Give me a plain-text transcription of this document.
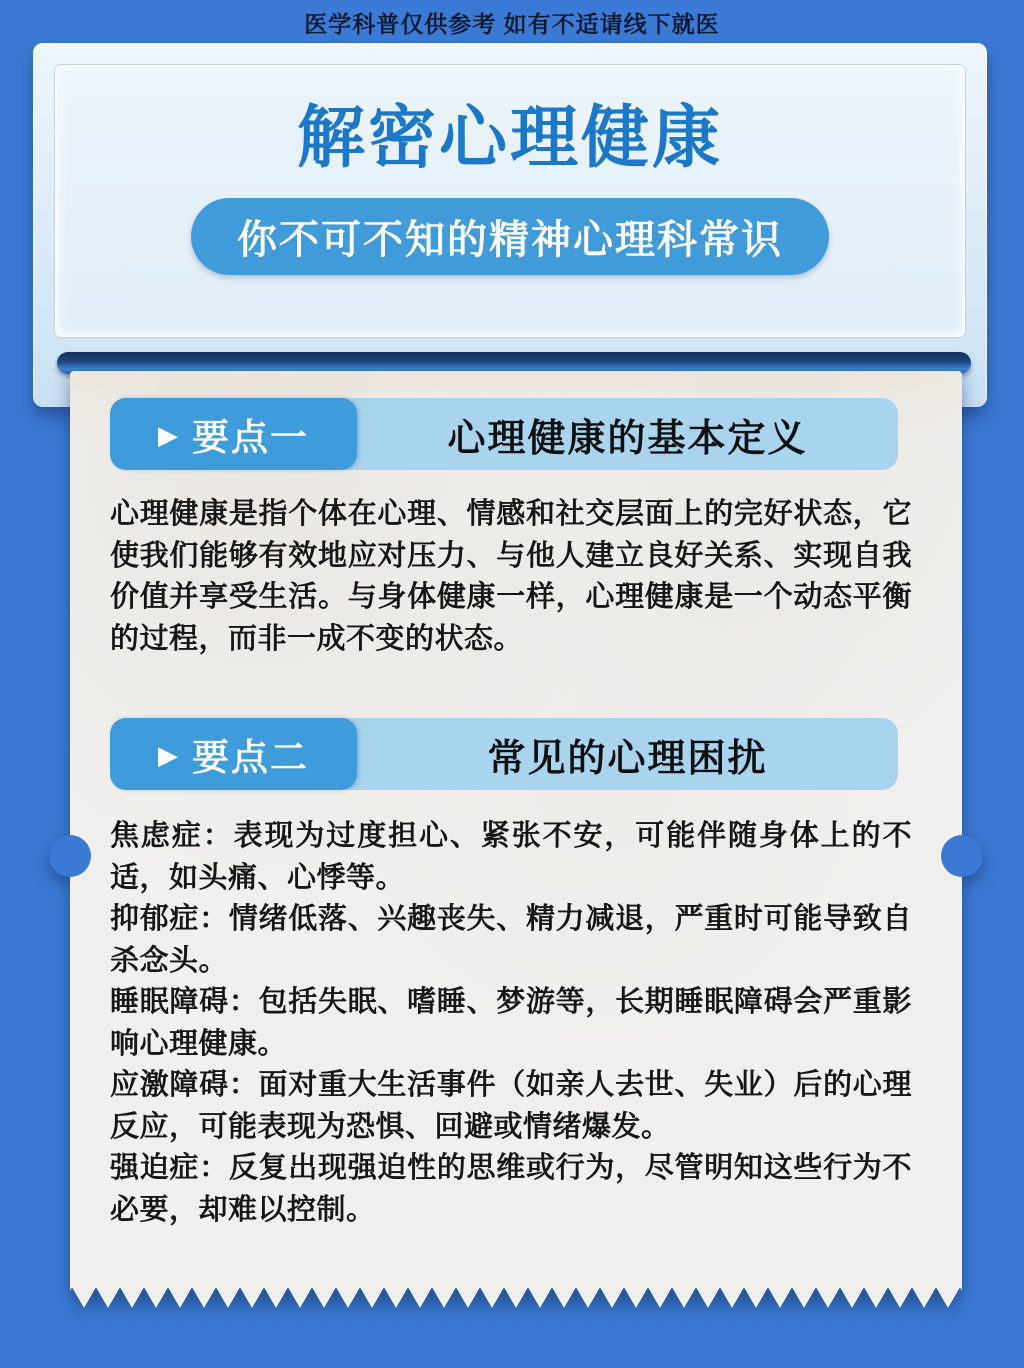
医学科普仅供参考 如有不适请线下就医
解密心理健康
你不可不知的精神心理科常识
▶ 要点一	心理健康的基本定义

心理健康是指个体在心理、情感和社交层面上的完好状态，它使我们能够有效地应对压力、与他人建立良好关系、实现自我价值并享受生活。与身体健康一样，心理健康是一个动态平衡的过程，而非一成不变的状态。

▶ 要点二	常见的心理困扰

焦虑症：表现为过度担心、紧张不安，可能伴随身体上的不适，如头痛、心悸等。

抑郁症：情绪低落、兴趣丧失、精力减退，严重时可能导致自杀念头。

睡眠障碍：包括失眠、嗜睡、梦游等，长期睡眠障碍会严重影响心理健康。

应激障碍：面对重大生活事件（如亲人去世、失业）后的心理反应，可能表现为恐惧、回避或情绪爆发。

强迫症：反复出现强迫性的思维或行为，尽管明知这些行为不必要，却难以控制。
